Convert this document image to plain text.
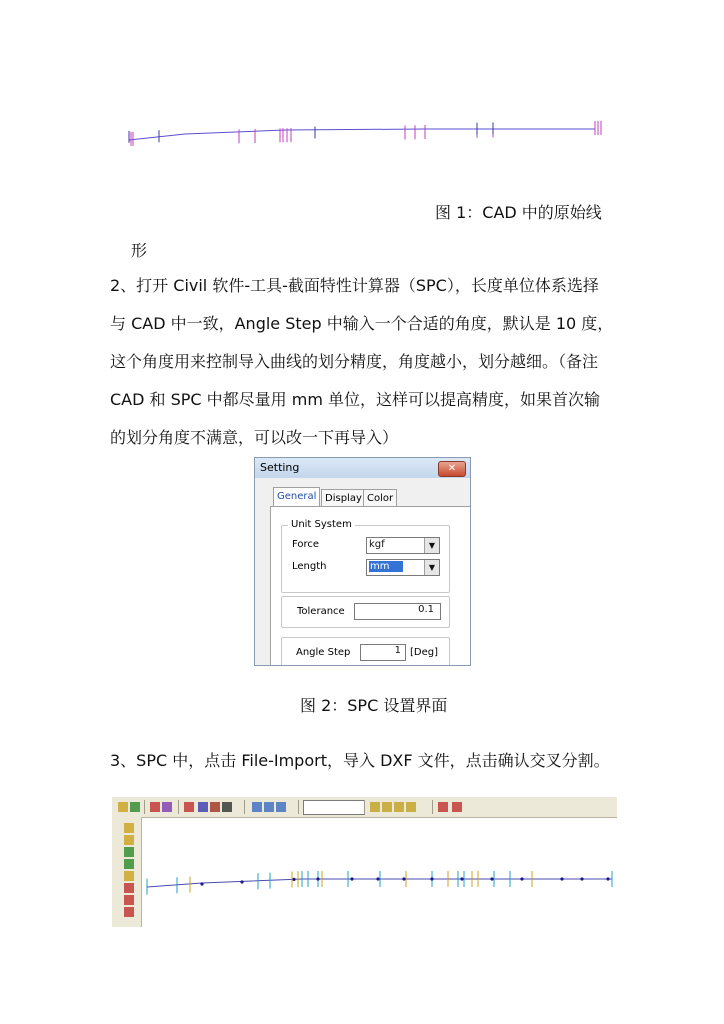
图 1：CAD 中的原始线
形
2、打开 Civil 软件-工具-截面特性计算器（SPC），长度单位体系选择
与 CAD 中一致，Angle Step 中输入一个合适的角度，默认是 10 度，
这个角度用来控制导入曲线的划分精度，角度越小，划分越细。（备注
CAD 和 SPC 中都尽量用 mm 单位，这样可以提高精度，如果首次输
的划分角度不满意，可以改一下再导入）
Setting	✕
General Display Color
Unit System
Force	kgf	▼
Length	mm	▼
Tolerance	0.1
Angle Step	1 [Deg]
图 2：SPC 设置界面
3、SPC 中，点击 File-Import，导入 DXF 文件，点击确认交叉分割。
